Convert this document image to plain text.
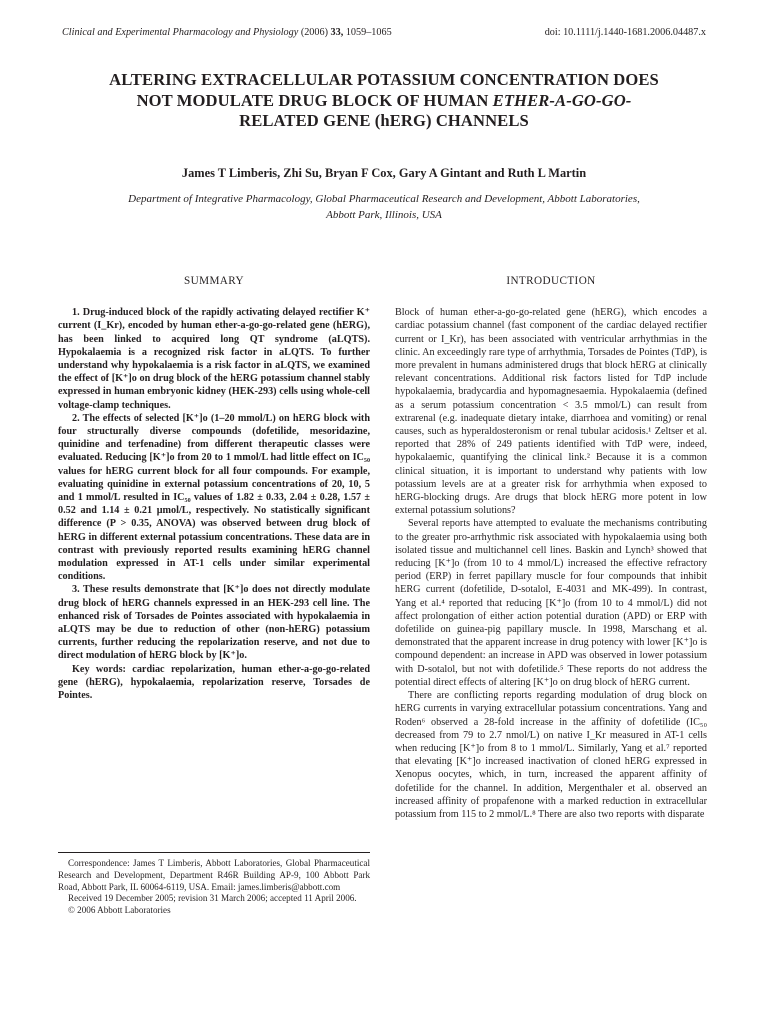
Clinical and Experimental Pharmacology and Physiology (2006) 33, 1059–1065	doi: 10.1111/j.1440-1681.2006.04487.x
ALTERING EXTRACELLULAR POTASSIUM CONCENTRATION DOES
NOT MODULATE DRUG BLOCK OF HUMAN ETHER-A-GO-GO-
RELATED GENE (hERG) CHANNELS
James T Limberis, Zhi Su, Bryan F Cox, Gary A Gintant and Ruth L Martin
Department of Integrative Pharmacology, Global Pharmaceutical Research and Development, Abbott Laboratories,
Abbott Park, Illinois, USA
SUMMARY

1. Drug-induced block of the rapidly activating delayed rectifier K⁺ current (I_Kr), encoded by human ether-a-go-go-related gene (hERG), has been linked to acquired long QT syndrome (aLQTS). Hypokalaemia is a recognized risk factor in aLQTS. To further understand why hypokalaemia is a risk factor in aLQTS, we examined the effect of [K⁺]o on drug block of the hERG potassium channel stably expressed in human embryonic kidney (HEK-293) cells using whole-cell voltage-clamp techniques.

2. The effects of selected [K⁺]o (1–20 mmol/L) on hERG block with four structurally diverse compounds (dofetilide, mesoridazine, quinidine and terfenadine) from different therapeutic classes were evaluated. Reducing [K⁺]o from 20 to 1 mmol/L had little effect on IC₅₀ values for hERG current block for all four compounds. For example, evaluating quinidine in external potassium concentrations of 20, 10, 5 and 1 mmol/L resulted in IC₅₀ values of 1.82 ± 0.33, 2.04 ± 0.28, 1.57 ± 0.52 and 1.14 ± 0.21 μmol/L, respectively. No statistically significant difference (P > 0.35, ANOVA) was observed between drug block of hERG in different external potassium concentrations. These data are in contrast with previously reported results examining hERG channel modulation expressed in AT-1 cells under similar experimental conditions.

3. These results demonstrate that [K⁺]o does not directly modulate drug block of hERG channels expressed in an HEK-293 cell line. The enhanced risk of Torsades de Pointes associated with hypokalaemia in aLQTS may be due to reduction of other (non-hERG) potassium currents, further reducing the repolarization reserve, and not due to direct modulation of hERG block by [K⁺]o.

Key words: cardiac repolarization, human ether-a-go-go-related gene (hERG), hypokalaemia, repolarization reserve, Torsades de Pointes.

Correspondence: James T Limberis, Abbott Laboratories, Global Pharmaceutical Research and Development, Department R46R Building AP-9, 100 Abbott Park Road, Abbott Park, IL 60064-6119, USA. Email: james.limberis@abbott.com

Received 19 December 2005; revision 31 March 2006; accepted 11 April 2006.

© 2006 Abbott Laboratories

INTRODUCTION

Block of human ether-a-go-go-related gene (hERG), which encodes a cardiac potassium channel (fast component of the cardiac delayed rectifier current or I_Kr), has been associated with ventricular arrhythmias in the clinic. An exceedingly rare type of arrhythmia, Torsades de Pointes (TdP), is more prevalent in humans administered drugs that block hERG at clinically relevant concentrations. Additional risk factors listed for TdP include hypokalaemia, bradycardia and hypomagnesaemia. Hypokalaemia (defined as a serum potassium concentration < 3.5 mmol/L) can result from extrarenal (e.g. inadequate dietary intake, diarrhoea and vomiting) or renal causes, such as hyperaldosteronism or renal tubular acidosis.¹ Zeltser et al. reported that 28% of 249 patients identified with TdP were, indeed, hypokalaemic, quantifying the clinical link.² Because it is a common clinical situation, it is important to understand why patients with low potassium levels are at a greater risk for arrhythmia when exposed to hERG-blocking drugs. Are drugs that block hERG more potent in low external potassium solutions?

Several reports have attempted to evaluate the mechanisms contributing to the greater pro-arrhythmic risk associated with hypokalaemia using both isolated tissue and multichannel cell lines. Baskin and Lynch³ showed that reducing [K⁺]o (from 10 to 4 mmol/L) increased the effective refractory period (ERP) in ferret papillary muscle for four compounds that inhibit hERG current (dofetilide, D-sotalol, E-4031 and MK-499). In contrast, Yang et al.⁴ reported that reducing [K⁺]o (from 10 to 4 mmol/L) did not affect prolongation of either action potential duration (APD) or ERP with dofetilide on guinea-pig papillary muscle. In 1998, Marschang et al. demonstrated that the apparent increase in drug potency with lower [K⁺]o is compound dependent: an increase in APD was observed in lower potassium with D-sotalol, but not with dofetilide.⁵ These reports do not address the potential direct effects of altering [K⁺]o on drug block of hERG current.

There are conflicting reports regarding modulation of drug block on hERG currents in varying extracellular potassium concentrations. Yang and Roden⁶ observed a 28-fold increase in the affinity of dofetilide (IC₅₀ decreased from 79 to 2.7 nmol/L) on native I_Kr measured in AT-1 cells when reducing [K⁺]o from 8 to 1 mmol/L. Similarly, Yang et al.⁷ reported that elevating [K⁺]o increased inactivation of cloned hERG expressed in Xenopus oocytes, which, in turn, increased the apparent affinity of dofetilide for the channel. In addition, Mergenthaler et al. observed an increased affinity of propafenone with a marked reduction in extracellular potassium from 115 to 2 mmol/L.⁸ There are also two reports with disparate
